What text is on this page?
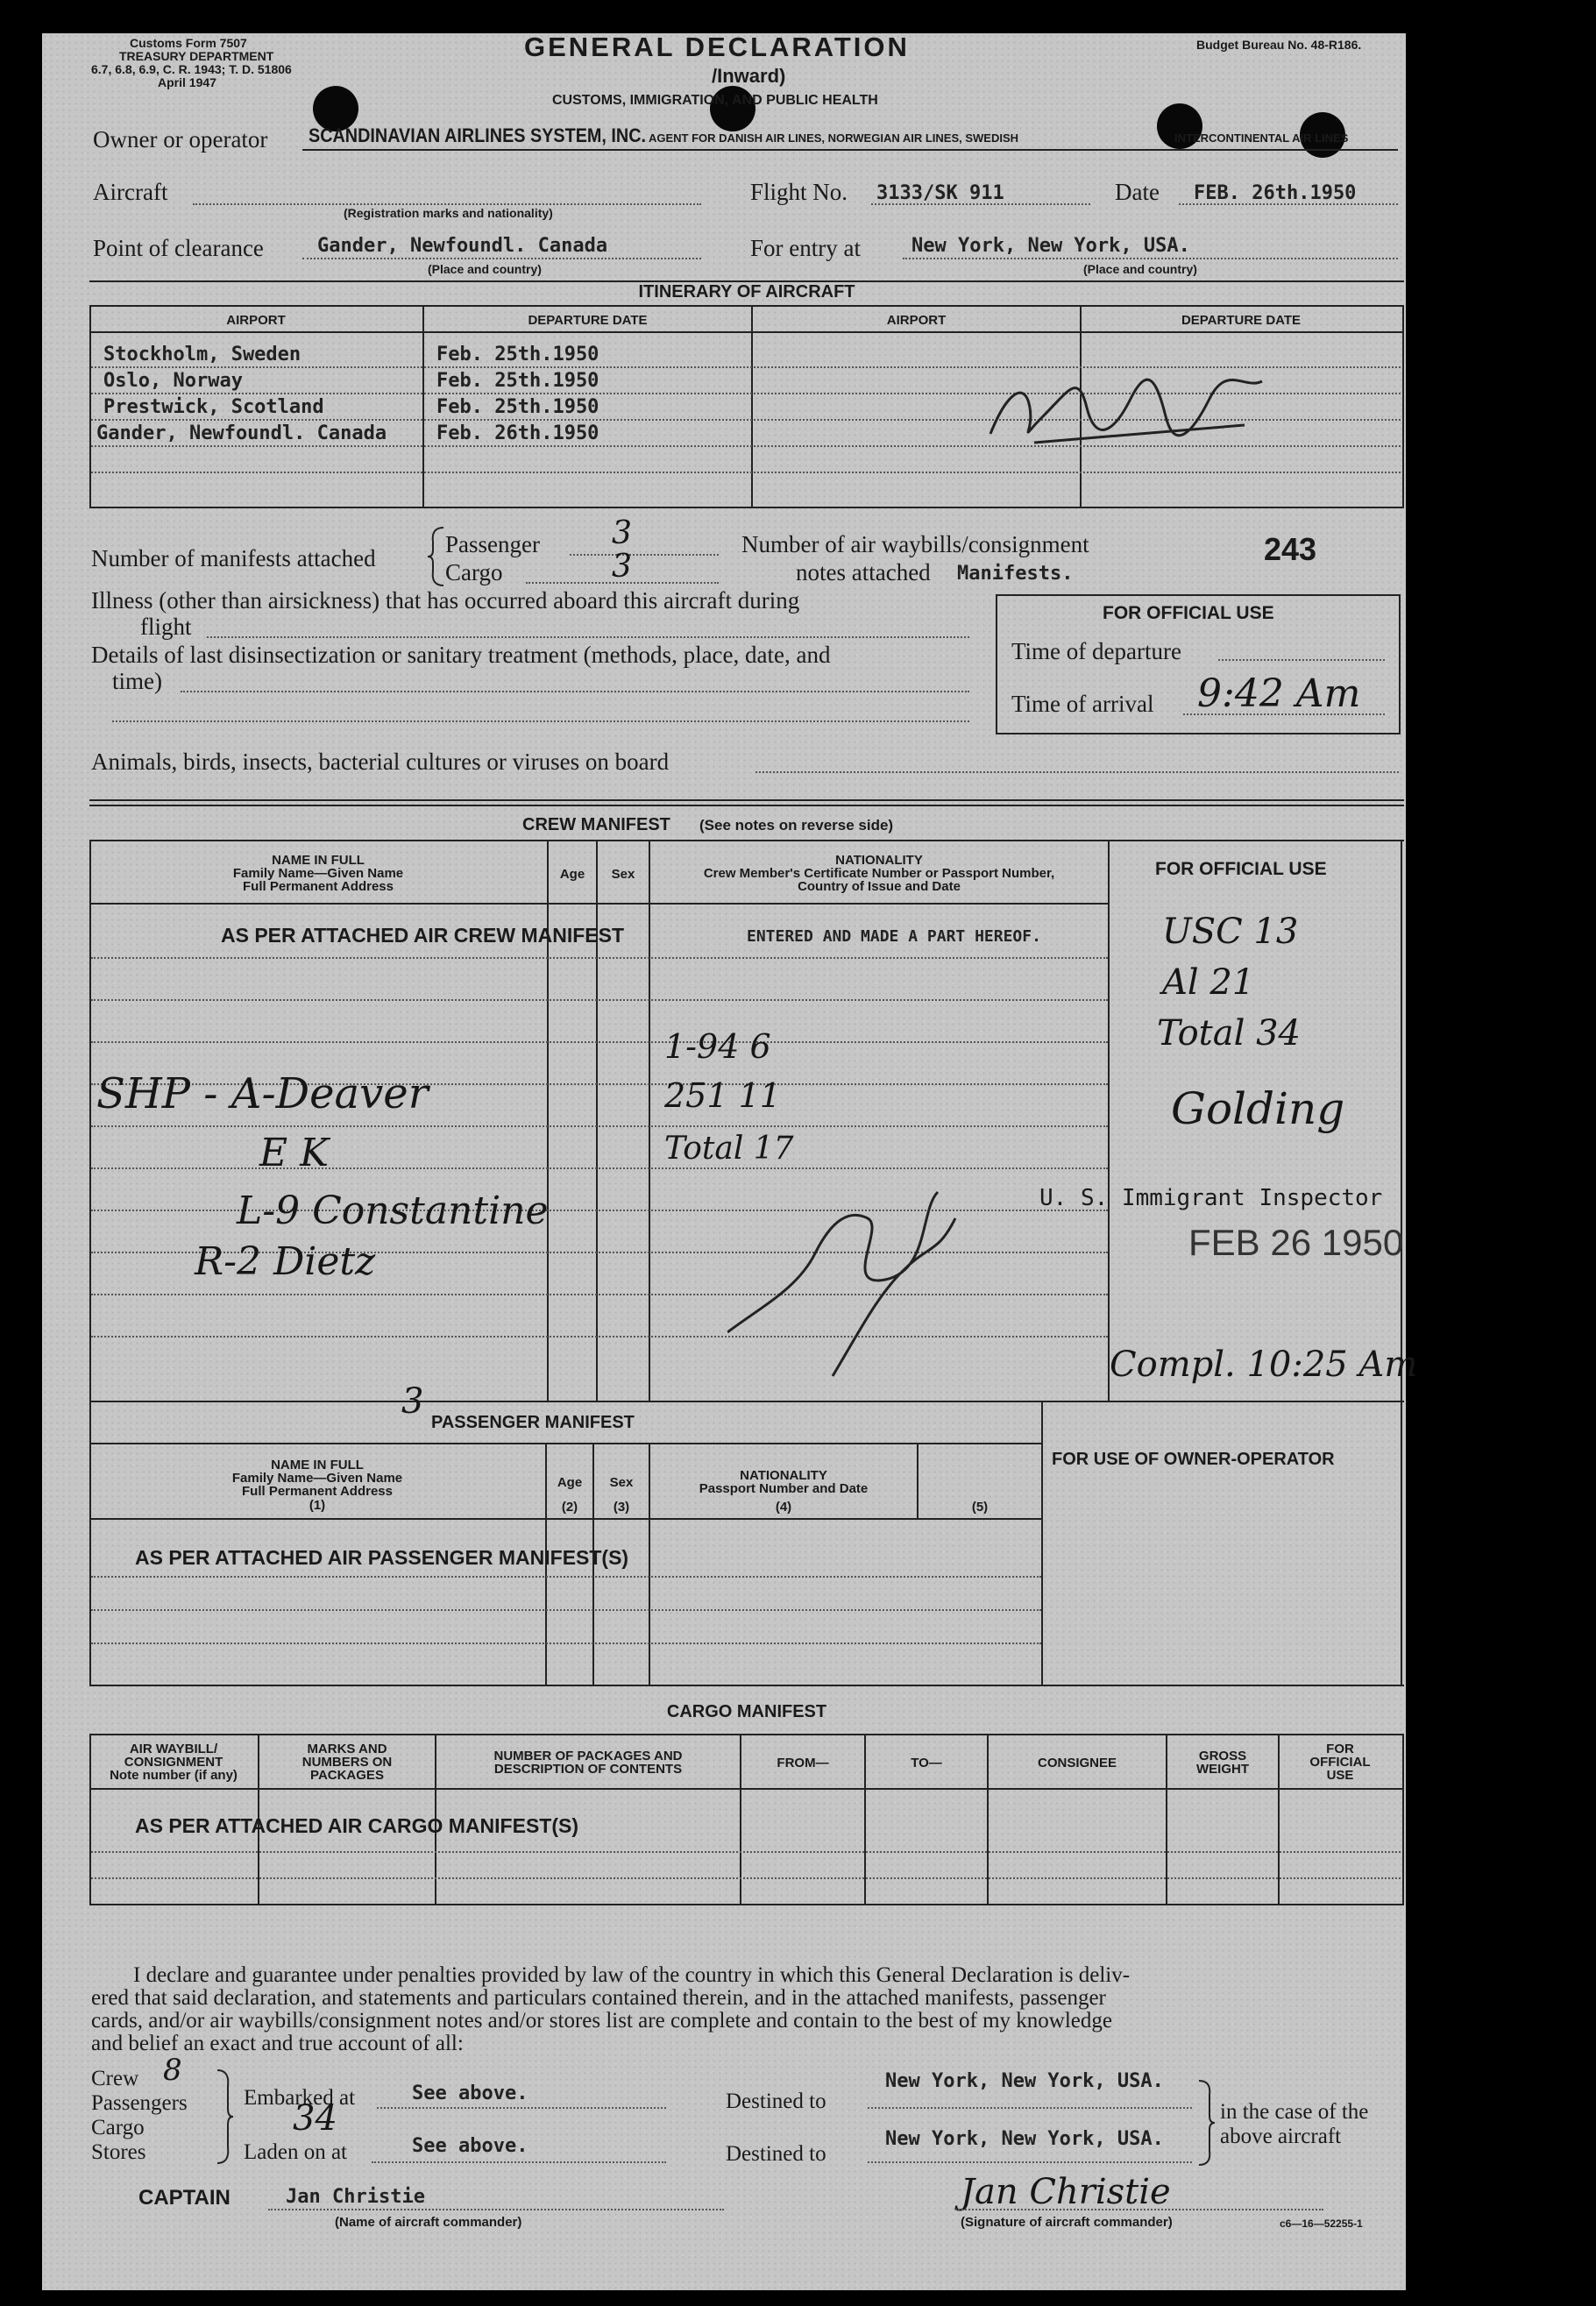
Customs Form 7507
TREASURY DEPARTMENT
6.7, 6.8, 6.9, C. R. 1943; T. D. 51806
April 1947
Budget Bureau No. 48-R186.
GENERAL DECLARATION
/Inward)
CUSTOMS, IMMIGRATION, AND PUBLIC HEALTH
Owner or operator SCANDINAVIAN AIRLINES SYSTEM, INC. AGENT FOR DANISH AIR LINES, NORWEGIAN AIR LINES, SWEDISH	INTERCONTINENTAL AIR LINES
Aircraft
(Registration marks and nationality)
Flight No. 3133/SK 911	Date FEB. 26th.1950
Point of clearance	Gander, Newfoundl. Canada
(Place and country)
For entry at	New York, New York, USA.
(Place and country)
ITINERARY OF AIRCRAFT
AIRPORT	DEPARTURE DATE	AIRPORT	DEPARTURE DATE
Stockholm, Sweden	Feb. 25th.1950
Oslo, Norway	Feb. 25th.1950
Prestwick, Scotland	Feb. 25th.1950
Gander, Newfoundl. Canada	Feb. 26th.1950
Number of manifests attached
Passenger 3
Cargo	3
Number of air waybills/consignment
notes attached Manifests.
243
Illness (other than airsickness) that has occurred aboard this aircraft during
flight
Details of last disinsectization or sanitary treatment (methods, place, date, and
time)
Animals, birds, insects, bacterial cultures or viruses on board
FOR OFFICIAL USE
Time of departure
Time of arrival 9:42 Am
CREW MANIFEST (See notes on reverse side)
NAME IN FULL
Family Name—Given Name
Full Permanent Address
Age	Sex
NATIONALITY
Crew Member's Certificate Number or Passport Number,
Country of Issue and Date
FOR OFFICIAL USE
AS PER ATTACHED AIR CREW MANIFEST	ENTERED AND MADE A PART HEREOF.	USC 13
Al 21
Total 34
1-94 6
251 11
Total 17
SHP - A-Deaver
E K
L-9 Constantine
R-2 Dietz
Golding
U. S. Immigrant Inspector
FEB 26 1950
Compl. 10:25 Am
3
PASSENGER MANIFEST
NAME IN FULL
Family Name—Given Name
Full Permanent Address
(1)
Age
(2)
Sex
(3)
NATIONALITY
Passport Number and Date
(4)	(5)
FOR USE OF OWNER-OPERATOR
AS PER ATTACHED AIR PASSENGER MANIFEST(S)
CARGO MANIFEST
AIR WAYBILL/
CONSIGNMENT
Note number (if any)
MARKS AND
NUMBERS ON
PACKAGES
NUMBER OF PACKAGES AND
DESCRIPTION OF CONTENTS	FROM—	TO—	CONSIGNEE	GROSS
WEIGHT
FOR
OFFICIAL
USE
AS PER ATTACHED AIR CARGO MANIFEST(S)
I declare and guarantee under penalties provided by law of the country in which this General Declaration is deliv-
ered that said declaration, and statements and particulars contained therein, and in the attached manifests, passenger
cards, and/or air waybills/consignment notes and/or stores list are complete and contain to the best of my knowledge
and belief an exact and true account of all:
Crew 8
Passengers
Cargo
Stores
Embarked at
34
See above.
Laden on at	See above.
Destined to
New York, New York, USA.
Destined to
New York, New York, USA.
in the case of the
above aircraft
CAPTAIN	Jan Christie
(Name of aircraft commander)
Jan Christie
(Signature of aircraft commander)	c6—16—52255-1
